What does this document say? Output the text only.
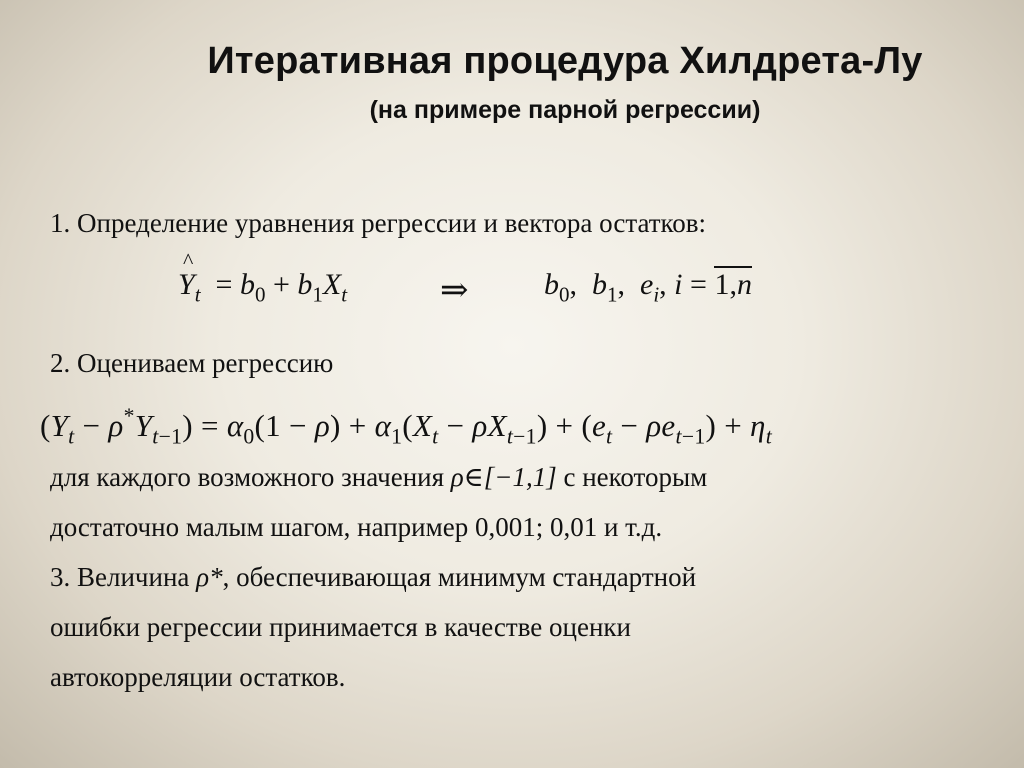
Итеративная процедура Хилдрета-Лу
(на примере парной регрессии)
1. Определение уравнения регрессии и вектора остатков:
Y
^
$_t = b_0 + b_1X_t$	⇒	$b_0$,  $b_1$,  $e_i$, i = 1,n
2. Оцениваем регрессию
$(Y_t - \rho^*Y_{t-1}) = \alpha_0(1 - \rho) + \alpha_1(X_t - \rho X_{t-1}) + (e_t - \rho e_{t-1}) + \eta_t$
для каждого возможного значения ρ∈[−1,1] с некоторым
достаточно малым шагом, например 0,001; 0,01 и т.д.
3. Величина ρ*, обеспечивающая минимум стандартной
ошибки регрессии принимается в качестве оценки
автокорреляции остатков.
